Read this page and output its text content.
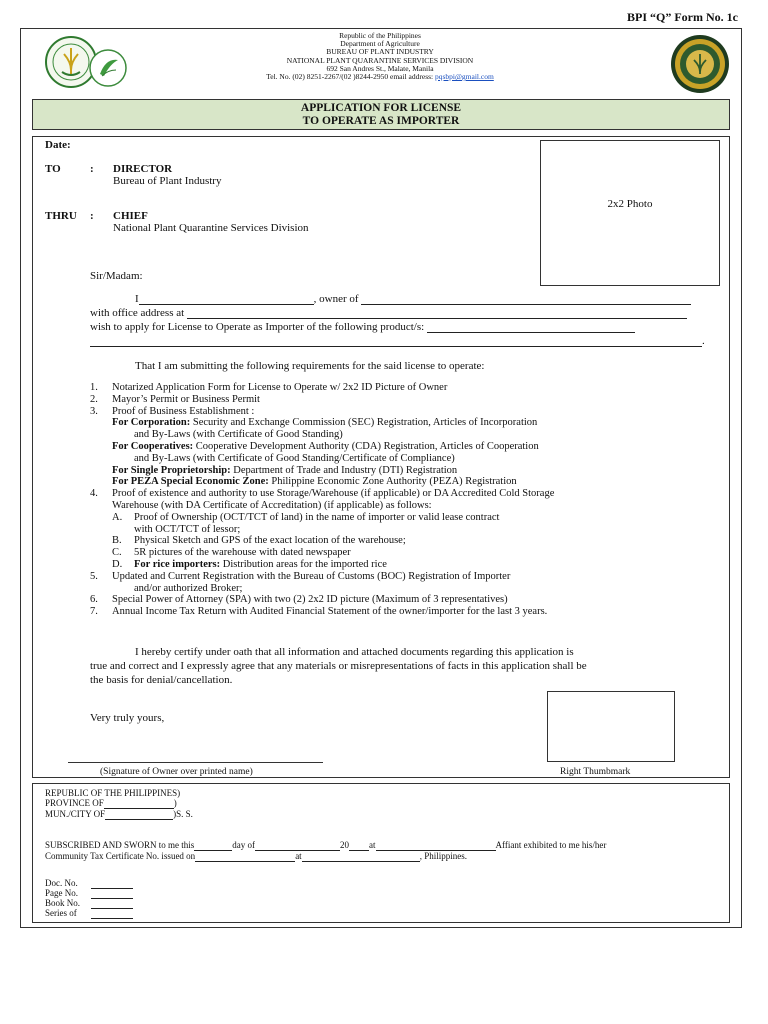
BPI “Q” Form No. 1c
Republic of the Philippines
Department of Agriculture
BUREAU OF PLANT INDUSTRY
NATIONAL PLANT QUARANTINE SERVICES DIVISION
692 San Andres St., Malate, Manila
Tel. No. (02) 8251-2267/(02 )8244-2950 email address: pqsbpi@gmail.com
APPLICATION FOR LICENSE
TO OPERATE AS IMPORTER
2x2 Photo
Date:
TO	: DIRECTOR
Bureau of Plant Industry
THRU : CHIEF
National Plant Quarantine Services Division
Sir/Madam:
I	, owner of
with office address at
wish to apply for License to Operate as Importer of the following product/s:
.
That I am submitting the following requirements for the said license to operate:
1. Notarized Application Form for License to Operate w/ 2x2 ID Picture of Owner
2. Mayor’s Permit or Business Permit
3. Proof of Business Establishment :
For Corporation: Security and Exchange Commission (SEC) Registration, Articles of Incorporation
and By-Laws (with Certificate of Good Standing)
For Cooperatives: Cooperative Development Authority (CDA) Registration, Articles of Cooperation
and By-Laws (with Certificate of Good Standing/Certificate of Compliance)
For Single Proprietorship: Department of Trade and Industry (DTI) Registration
For PEZA Special Economic Zone: Philippine Economic Zone Authority (PEZA) Registration
4. Proof of existence and authority to use Storage/Warehouse (if applicable) or DA Accredited Cold Storage
Warehouse (with DA Certificate of Accreditation) (if applicable) as follows:
A. Proof of Ownership (OCT/TCT of land) in the name of importer or valid lease contract
with OCT/TCT of lessor;
B. Physical Sketch and GPS of the exact location of the warehouse;
C. 5R pictures of the warehouse with dated newspaper
D. For rice importers: Distribution areas for the imported rice
5. Updated and Current Registration with the Bureau of Customs (BOC) Registration of Importer
and/or authorized Broker;
6. Special Power of Attorney (SPA) with two (2) 2x2 ID picture (Maximum of 3 representatives)
7. Annual Income Tax Return with Audited Financial Statement of the owner/importer for the last 3 years.
I hereby certify under oath that all information and attached documents regarding this application is
true and correct and I expressly agree that any materials or misrepresentations of facts in this application shall be
the basis for denial/cancellation.
Very truly yours,
(Signature of Owner over printed name)	Right Thumbmark
REPUBLIC OF THE PHILIPPINES)
PROVINCE OF	)
MUN./CITY OF	)S. S.
SUBSCRIBED AND SWORN to me this	day of	20 at	Affiant exhibited to me his/her
Community Tax Certificate No. issued on	at	, Philippines.
Doc. No.
Page No.
Book No.
Series of
